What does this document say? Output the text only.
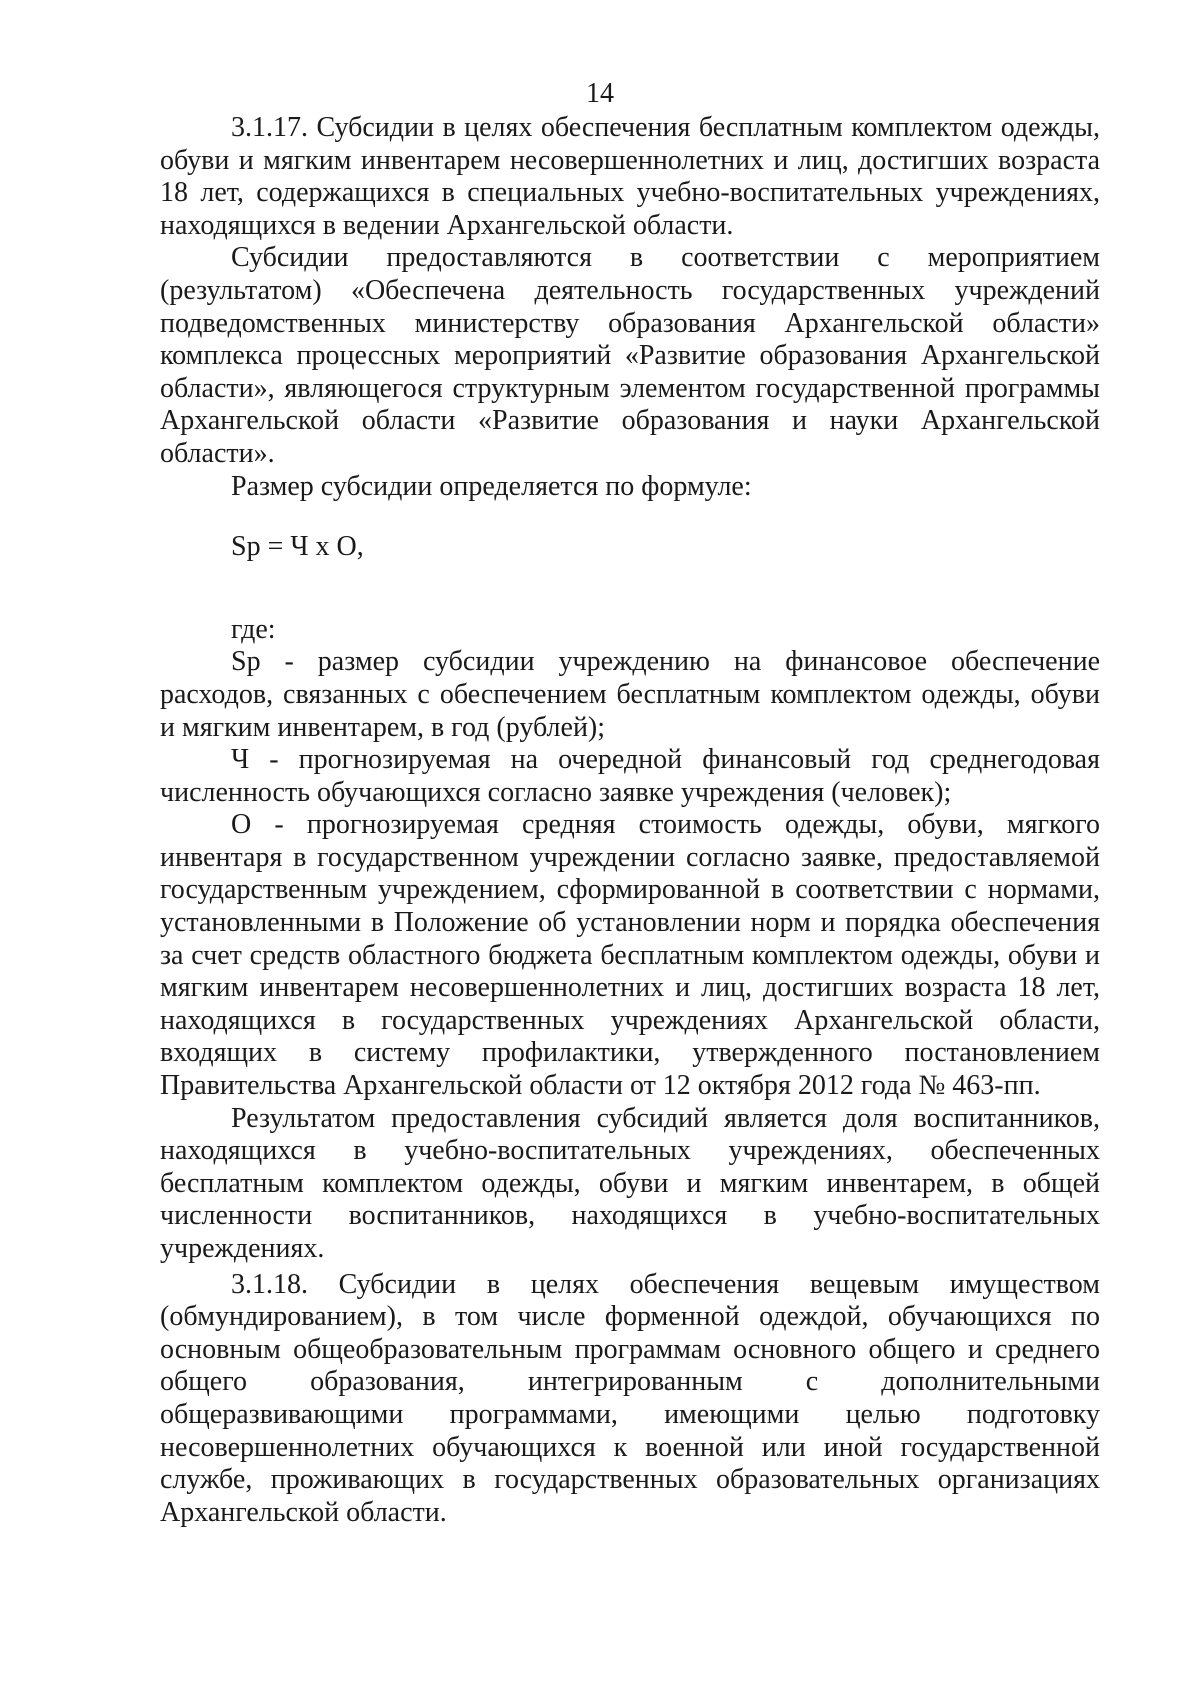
14

3.1.17. Субсидии в целях обеспечения бесплатным комплектом одежды, обуви и мягким инвентарем несовершеннолетних и лиц, достигших возраста 18 лет, содержащихся в специальных учебно-воспитательных учреждениях, находящихся в ведении Архангельской области.

Субсидии предоставляются в соответствии с мероприятием (результатом) «Обеспечена деятельность государственных учреждений подведомственных министерству образования Архангельской области» комплекса процессных мероприятий «Развитие образования Архангельской области», являющегося структурным элементом государственной программы Архангельской области «Развитие образования и науки Архангельской области».

Размер субсидии определяется по формуле:

Sp = Ч х О,

где:

Sp - размер субсидии учреждению на финансовое обеспечение расходов, связанных с обеспечением бесплатным комплектом одежды, обуви и мягким инвентарем, в год (рублей);

Ч - прогнозируемая на очередной финансовый год среднегодовая численность обучающихся согласно заявке учреждения (человек);

О - прогнозируемая средняя стоимость одежды, обуви, мягкого инвентаря в государственном учреждении согласно заявке, предоставляемой государственным учреждением, сформированной в соответствии с нормами, установленными в Положение об установлении норм и порядка обеспечения за счет средств областного бюджета бесплатным комплектом одежды, обуви и мягким инвентарем несовершеннолетних и лиц, достигших возраста 18 лет, находящихся в государственных учреждениях Архангельской области, входящих в систему профилактики, утвержденного постановлением Правительства Архангельской области от 12 октября 2012 года № 463-пп.

Результатом предоставления субсидий является доля воспитанников, находящихся в учебно-воспитательных учреждениях, обеспеченных бесплатным комплектом одежды, обуви и мягким инвентарем, в общей численности воспитанников, находящихся в учебно-воспитательных учреждениях.

3.1.18. Субсидии в целях обеспечения вещевым имуществом (обмундированием), в том числе форменной одеждой, обучающихся по основным общеобразовательным программам основного общего и среднего общего образования, интегрированным с дополнительными общеразвивающими программами, имеющими целью подготовку несовершеннолетних обучающихся к военной или иной государственной службе, проживающих в государственных образовательных организациях Архангельской области.
